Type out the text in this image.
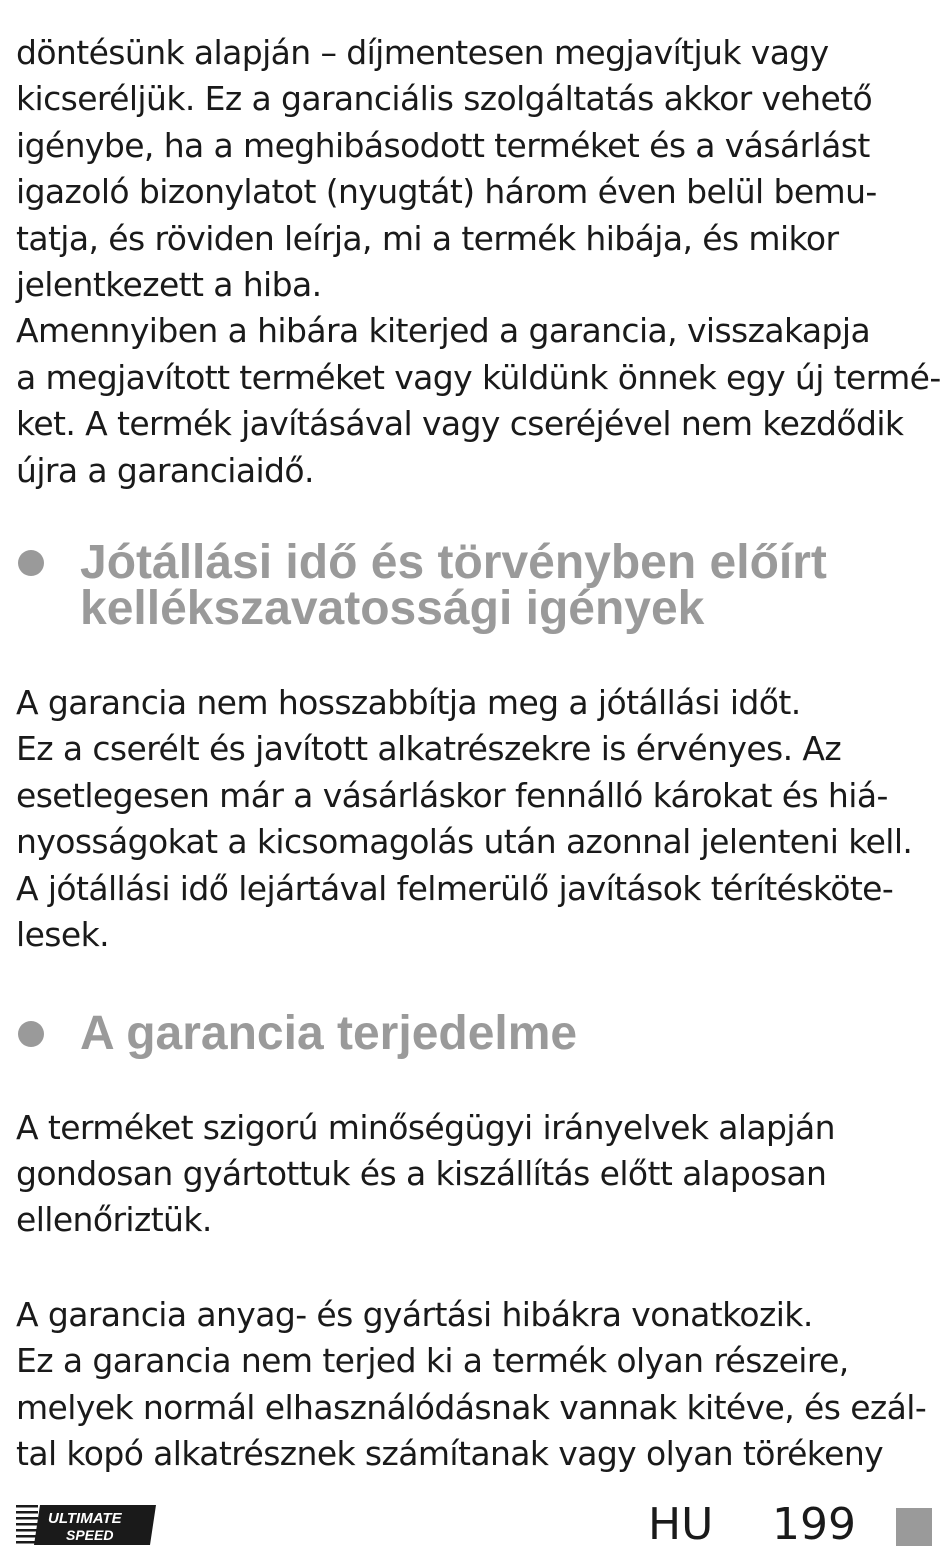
döntésünk alapján – díjmentesen megjavítjuk vagy
kicseréljük. Ez a garanciális szolgáltatás akkor vehető
igénybe, ha a meghibásodott terméket és a vásárlást
igazoló bizonylatot (nyugtát) három éven belül bemu-
tatja, és röviden leírja, mi a termék hibája, és mikor
jelentkezett a hiba.
Amennyiben a hibára kiterjed a garancia, visszakapja
a megjavított terméket vagy küldünk önnek egy új termé-
ket. A termék javításával vagy cseréjével nem kezdődik
újra a garanciaidő.

Jótállási idő és törvényben előírt
kellékszavatossági igények

A garancia nem hosszabbítja meg a jótállási időt.
Ez a cserélt és javított alkatrészekre is érvényes. Az
esetlegesen már a vásárláskor fennálló károkat és hiá-
nyosságokat a kicsomagolás után azonnal jelenteni kell.
A jótállási idő lejártával felmerülő javítások térítésköte-
lesek.

A garancia terjedelme

A terméket szigorú minőségügyi irányelvek alapján
gondosan gyártottuk és a kiszállítás előtt alaposan
ellenőriztük.

A garancia anyag- és gyártási hibákra vonatkozik.
Ez a garancia nem terjed ki a termék olyan részeire,
melyek normál elhasználódásnak vannak kitéve, és ezál-
tal kopó alkatrésznek számítanak vagy olyan törékeny

ULTIMATE
SPEED	HU 199
